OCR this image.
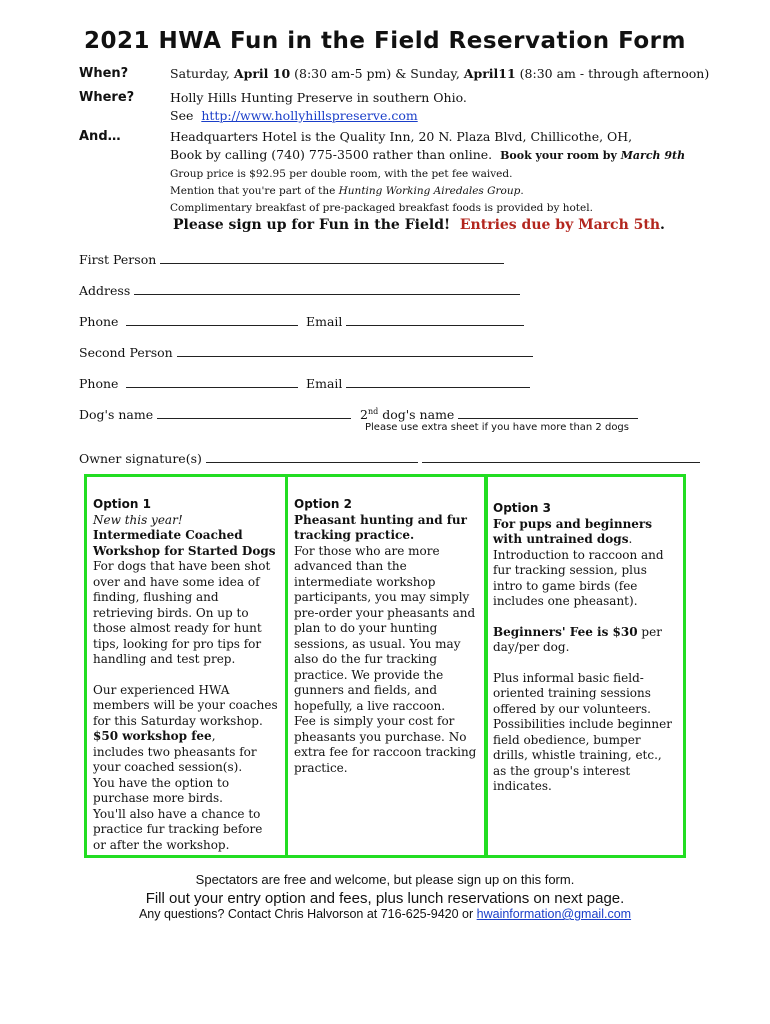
2021 HWA Fun in the Field Reservation Form
When?	Saturday, April 10 (8:30 am-5 pm) & Sunday, April11 (8:30 am - through afternoon)
Where?	Holly Hills Hunting Preserve in southern Ohio.
See http://www.hollyhillspreserve.com
And…	Headquarters Hotel is the Quality Inn, 20 N. Plaza Blvd, Chillicothe, OH,
Book by calling (740) 775-3500 rather than online. Book your room by March 9th
Group price is $92.95 per double room, with the pet fee waived.
Mention that you're part of the Hunting Working Airedales Group.
Complimentary breakfast of pre-packaged breakfast foods is provided by hotel.
Please sign up for Fun in the Field! Entries due by March 5th.
First Person
Address
Phone	Email
Second Person
Phone	Email
Dog's name	2nd dog's name
Please use extra sheet if you have more than 2 dogs
Owner signature(s)

Option 1

New this year!

Intermediate Coached Workshop for Started Dogs

For dogs that have been shot over and have some idea of finding, flushing and retrieving birds. On up to those almost ready for hunt tips, looking for pro tips for handling and test prep.

Our experienced HWA members will be your coaches for this Saturday workshop.

$50 workshop fee,

includes two pheasants for your coached session(s).

You have the option to purchase more birds.

You'll also have a chance to practice fur tracking before or after the workshop.

Option 2

Pheasant hunting and fur tracking practice.

For those who are more advanced than the intermediate workshop participants, you may simply pre-order your pheasants and plan to do your hunting sessions, as usual. You may also do the fur tracking practice. We provide the gunners and fields, and hopefully, a live raccoon.

Fee is simply your cost for pheasants you purchase. No extra fee for raccoon tracking practice.

Option 3

For pups and beginners with untrained dogs.

Introduction to raccoon and fur tracking session, plus intro to game birds (fee includes one pheasant).

Beginners' Fee is $30 per day/per dog.

Plus informal basic field-oriented training sessions offered by our volunteers. Possibilities include beginner field obedience, bumper drills, whistle training, etc., as the group's interest indicates.

Spectators are free and welcome, but please sign up on this form.
Fill out your entry option and fees, plus lunch reservations on next page.
Any questions? Contact Chris Halvorson at 716-625-9420 or hwainformation@gmail.com
